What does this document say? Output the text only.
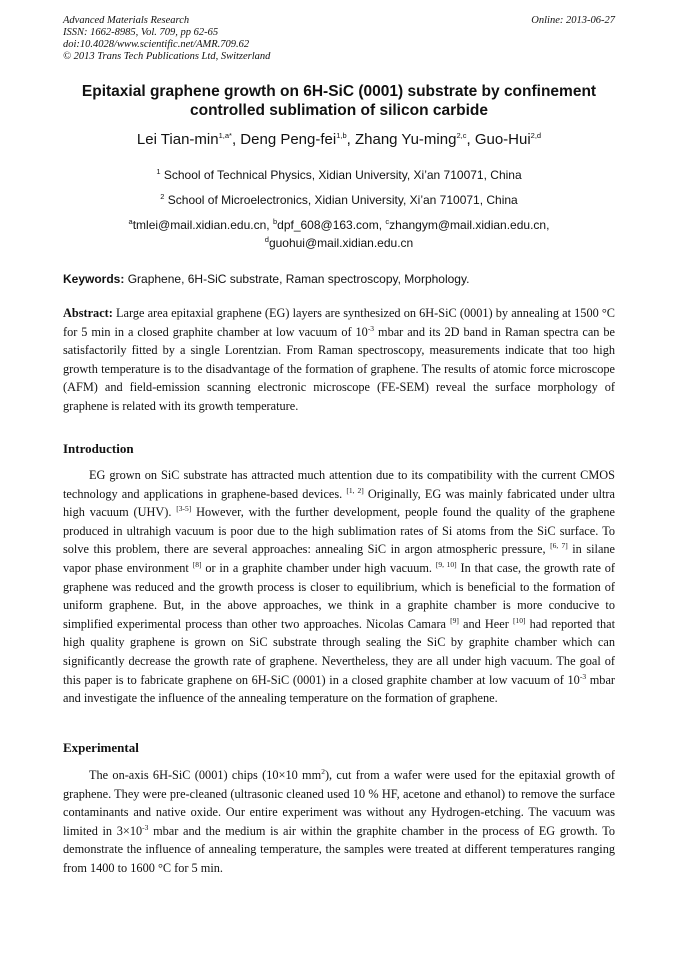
Advanced Materials Research
ISSN: 1662-8985, Vol. 709, pp 62-65
doi:10.4028/www.scientific.net/AMR.709.62
© 2013 Trans Tech Publications Ltd, Switzerland
Online: 2013-06-27
Epitaxial graphene growth on 6H-SiC (0001) substrate by confinement controlled sublimation of silicon carbide
Lei Tian-$\min^{1,a*}$, Deng Peng-fei$^{1,b}$, Zhang Yu-ming$^{2,c}$, Guo-Hui$^{2,d}$
$^1$ School of Technical Physics, Xidian University, Xi’an 710071, China
$^2$ School of Microelectronics, Xidian University, Xi’an 710071, China
$^a$tmlei@mail.xidian.edu.cn, $^b$dpf_608@163.com, $^c$zhangym@mail.xidian.edu.cn,
$^d$guohui@mail.xidian.edu.cn
Keywords: Graphene, 6H-SiC substrate, Raman spectroscopy, Morphology.

Abstract: Large area epitaxial graphene (EG) layers are synthesized on 6H-SiC (0001) by annealing at 1500 °C for 5 min in a closed graphite chamber at low vacuum of $10^{-3}$ mbar and its 2D band in Raman spectra can be satisfactorily fitted by a single Lorentzian. From Raman spectroscopy, measurements indicate that too high growth temperature is to the disadvantage of the formation of graphene. The results of atomic force microscope (AFM) and field-emission scanning electronic microscope (FE-SEM) reveal the surface morphology of graphene is related with its growth temperature.

Introduction

EG grown on SiC substrate has attracted much attention due to its compatibility with the current CMOS technology and applications in graphene-based devices. [1, 2] Originally, EG was mainly fabricated under ultra high vacuum (UHV). [3-5] However, with the further development, people found the quality of the graphene produced in ultrahigh vacuum is poor due to the high sublimation rates of Si atoms from the SiC surface. To solve this problem, there are several approaches: annealing SiC in argon atmospheric pressure, [6, 7] in silane vapor phase environment [8] or in a graphite chamber under high vacuum. [9, 10] In that case, the growth rate of graphene was reduced and the growth process is closer to equilibrium, which is beneficial to the formation of uniform graphene. But, in the above approaches, we think in a graphite chamber is more conducive to simplified experimental process than other two approaches. Nicolas Camara [9] and Heer [10] had reported that high quality graphene is grown on SiC substrate through sealing the SiC by graphite chamber which can significantly decrease the growth rate of graphene. Nevertheless, they are all under high vacuum. The goal of this paper is to fabricate graphene on 6H-SiC (0001) in a closed graphite chamber at low vacuum of $10^{-3}$ mbar and investigate the influence of the annealing temperature on the formation of graphene.

Experimental

The on-axis 6H-SiC (0001) chips (10×10 $mm^2$), cut from a wafer were used for the epitaxial growth of graphene. They were pre-cleaned (ultrasonic cleaned used 10 % HF, acetone and ethanol) to remove the surface contaminants and native oxide. Our entire experiment was without any Hydrogen-etching. The vacuum was limited in $3\times 10^{-3}$ mbar and the medium is air within the graphite chamber in the process of EG growth. To demonstrate the influence of annealing temperature, the samples were treated at different temperatures ranging from 1400 to 1600 °C for 5 min.
